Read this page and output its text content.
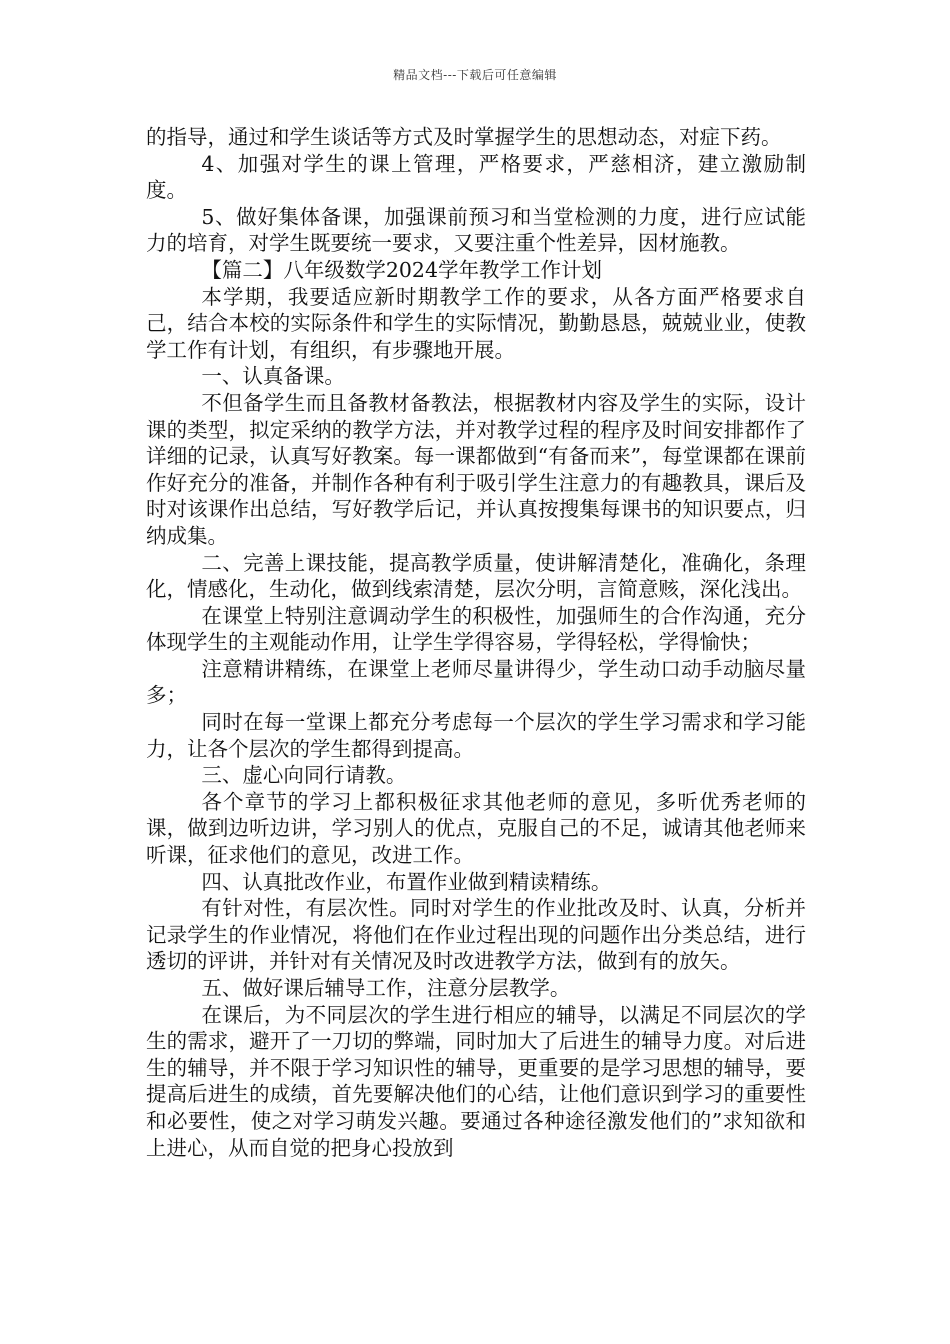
精品文档---下载后可任意编辑

的指导，通过和学生谈话等方式及时掌握学生的思想动态，对症下药。

4、加强对学生的课上管理，严格要求，严慈相济，建立激励制度。

5、做好集体备课，加强课前预习和当堂检测的力度，进行应试能力的培育，对学生既要统一要求，又要注重个性差异，因材施教。

【篇二】八年级数学2024学年教学工作计划

本学期，我要适应新时期教学工作的要求，从各方面严格要求自己，结合本校的实际条件和学生的实际情况，勤勤恳恳，兢兢业业，使教学工作有计划，有组织，有步骤地开展。

一、认真备课。

不但备学生而且备教材备教法，根据教材内容及学生的实际，设计课的类型，拟定采纳的教学方法，并对教学过程的程序及时间安排都作了详细的记录，认真写好教案。每一课都做到“有备而来”，每堂课都在课前作好充分的准备，并制作各种有利于吸引学生注意力的有趣教具，课后及时对该课作出总结，写好教学后记，并认真按搜集每课书的知识要点，归纳成集。

二、完善上课技能，提高教学质量，使讲解清楚化，准确化，条理化，情感化，生动化，做到线索清楚，层次分明，言简意赅，深化浅出。

在课堂上特别注意调动学生的积极性，加强师生的合作沟通，充分体现学生的主观能动作用，让学生学得容易，学得轻松，学得愉快；

注意精讲精练，在课堂上老师尽量讲得少，学生动口动手动脑尽量多；

同时在每一堂课上都充分考虑每一个层次的学生学习需求和学习能力，让各个层次的学生都得到提高。

三、虚心向同行请教。

各个章节的学习上都积极征求其他老师的意见，多听优秀老师的课，做到边听边讲，学习别人的优点，克服自己的不足，诚请其他老师来听课，征求他们的意见，改进工作。

四、认真批改作业，布置作业做到精读精练。

有针对性，有层次性。同时对学生的作业批改及时、认真，分析并记录学生的作业情况，将他们在作业过程出现的问题作出分类总结，进行透切的评讲，并针对有关情况及时改进教学方法，做到有的放矢。

五、做好课后辅导工作，注意分层教学。

在课后，为不同层次的学生进行相应的辅导，以满足不同层次的学生的需求，避开了一刀切的弊端，同时加大了后进生的辅导力度。对后进生的辅导，并不限于学习知识性的辅导，更重要的是学习思想的辅导，要提高后进生的成绩，首先要解决他们的心结，让他们意识到学习的重要性和必要性，使之对学习萌发兴趣。要通过各种途径激发他们的”求知欲和上进心，从而自觉的把身心投放到
